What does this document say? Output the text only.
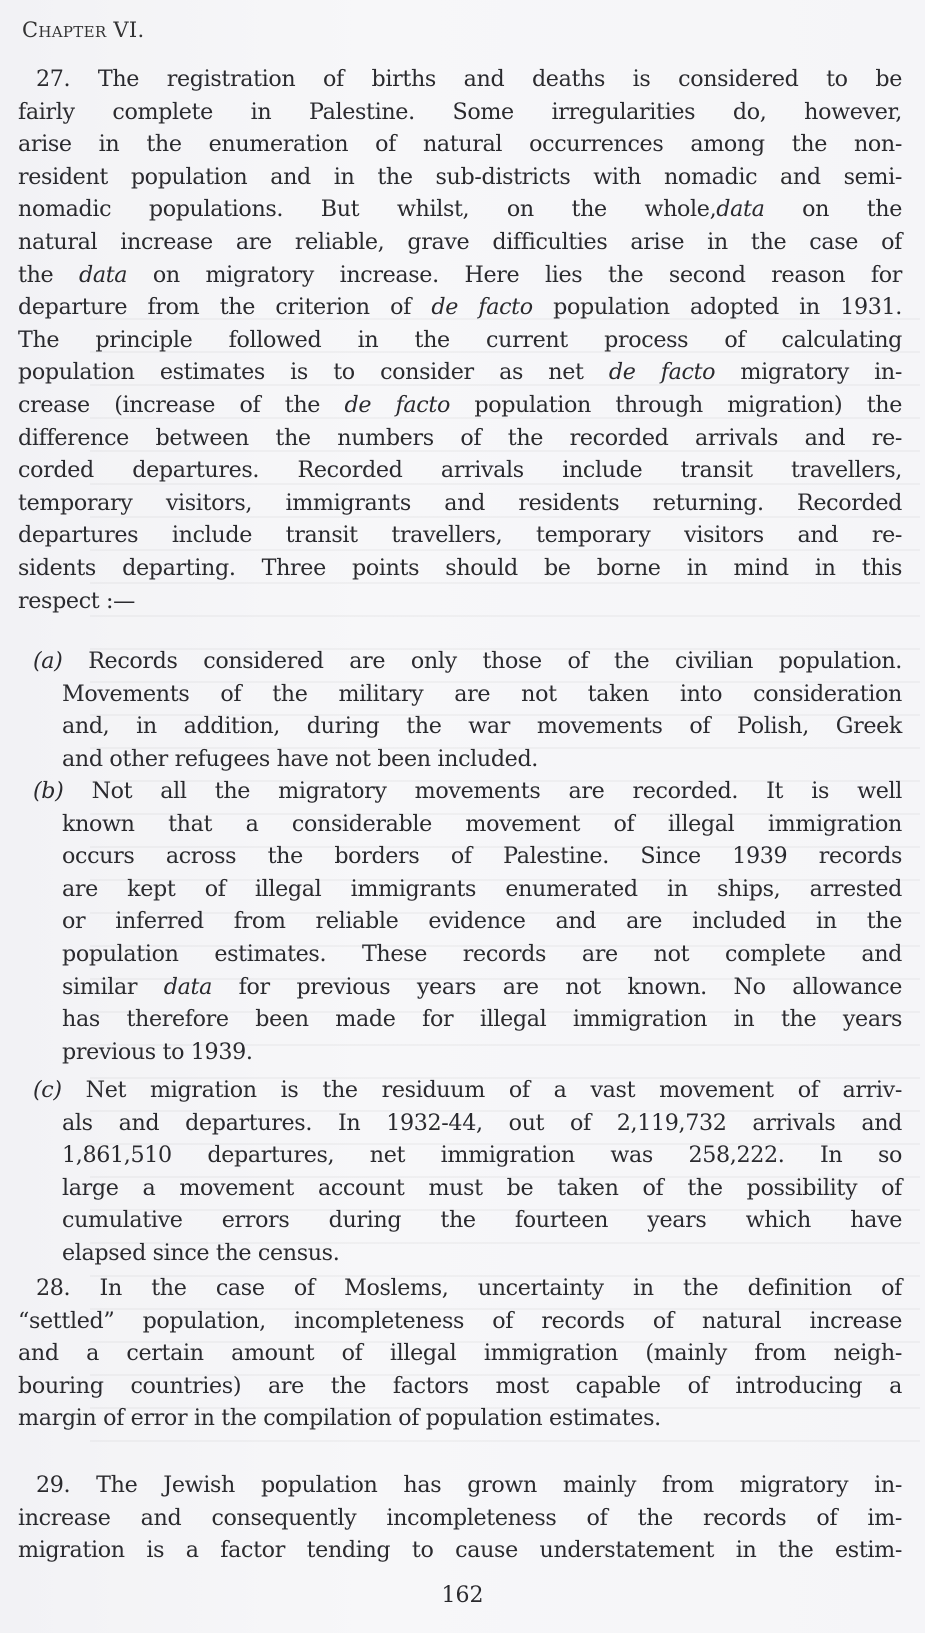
Chapter VI.
27. The registration of births and deaths is considered to be
fairly complete in Palestine. Some irregularities do, however,
arise in the enumeration of natural occurrences among the non-
resident population and in the sub-districts with nomadic and semi-
nomadic populations. But whilst, on the whole,data on the
natural increase are reliable, grave difficulties arise in the case of
the data on migratory increase. Here lies the second reason for
departure from the criterion of de facto population adopted in 1931.
The principle followed in the current process of calculating
population estimates is to consider as net de facto migratory in-
crease (increase of the de facto population through migration) the
difference between the numbers of the recorded arrivals and re-
corded departures. Recorded arrivals include transit travellers,
temporary visitors, immigrants and residents returning. Recorded
departures include transit travellers, temporary visitors and re-
sidents departing. Three points should be borne in mind in this
respect :—
(a) Records considered are only those of the civilian population.
Movements of the military are not taken into consideration
and, in addition, during the war movements of Polish, Greek
and other refugees have not been included.
(b) Not all the migratory movements are recorded. It is well
known that a considerable movement of illegal immigration
occurs across the borders of Palestine. Since 1939 records
are kept of illegal immigrants enumerated in ships, arrested
or inferred from reliable evidence and are included in the
population estimates. These records are not complete and
similar data for previous years are not known. No allowance
has therefore been made for illegal immigration in the years
previous to 1939.
(c) Net migration is the residuum of a vast movement of arriv-
als and departures. In 1932-44, out of 2,119,732 arrivals and
1,861,510 departures, net immigration was 258,222. In so
large a movement account must be taken of the possibility of
cumulative errors during the fourteen years which have
elapsed since the census.
28. In the case of Moslems, uncertainty in the definition of
“settled” population, incompleteness of records of natural increase
and a certain amount of illegal immigration (mainly from neigh-
bouring countries) are the factors most capable of introducing a
margin of error in the compilation of population estimates.
29. The Jewish population has grown mainly from migratory in-
increase and consequently incompleteness of the records of im-
migration is a factor tending to cause understatement in the estim-
162
